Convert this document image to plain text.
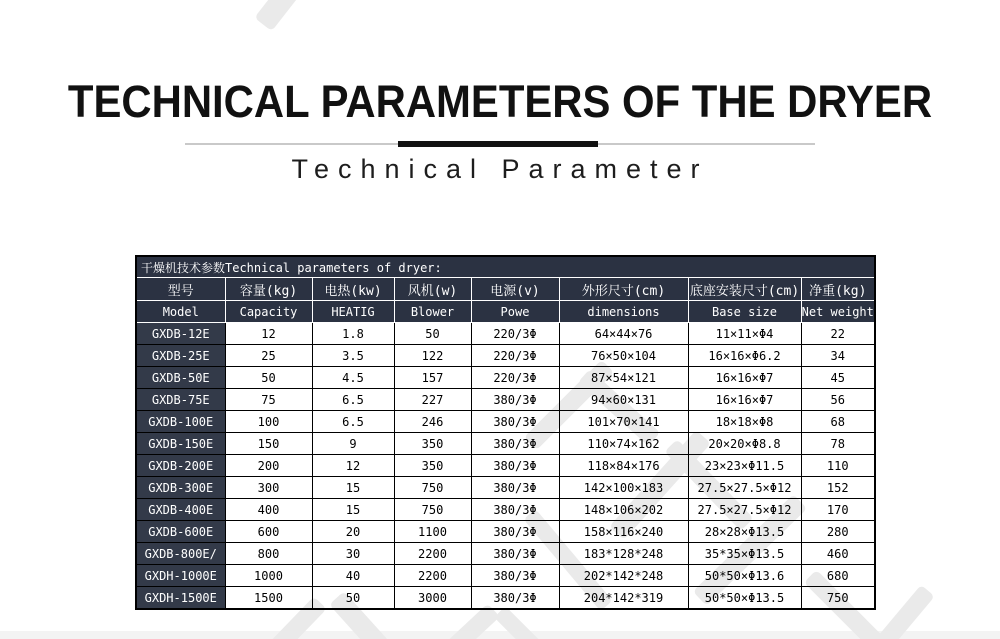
TECHNICAL PARAMETERS OF THE DRYER
Technical Parameter
干燥机技术参数Technical parameters of dryer:							
型号	容量(kg)	电热(kw)	风机(w)	电源(v)	外形尺寸(cm)	底座安装尺寸(cm)	净重(kg)
Model	Capacity	HEATIG	Blower	Powe	dimensions	Base size	Net weight
GXDB-12E	12	1.8	50	220/3Φ	64×44×76	11×11×Φ4	22
GXDB-25E	25	3.5	122	220/3Φ	76×50×104	16×16×Φ6.2	34
GXDB-50E	50	4.5	157	220/3Φ	87×54×121	16×16×Φ7	45
GXDB-75E	75	6.5	227	380/3Φ	94×60×131	16×16×Φ7	56
GXDB-100E	100	6.5	246	380/3Φ	101×70×141	18×18×Φ8	68
GXDB-150E	150	9	350	380/3Φ	110×74×162	20×20×Φ8.8	78
GXDB-200E	200	12	350	380/3Φ	118×84×176	23×23×Φ11.5	110
GXDB-300E	300	15	750	380/3Φ	142×100×183	27.5×27.5×Φ12	152
GXDB-400E	400	15	750	380/3Φ	148×106×202	27.5×27.5×Φ12	170
GXDB-600E	600	20	1100	380/3Φ	158×116×240	28×28×Φ13.5	280
GXDB-800E/	800	30	2200	380/3Φ	183*128*248	35*35×Φ13.5	460
GXDH-1000E	1000	40	2200	380/3Φ	202*142*248	50*50×Φ13.6	680
GXDH-1500E	1500	50	3000	380/3Φ	204*142*319	50*50×Φ13.5	750
